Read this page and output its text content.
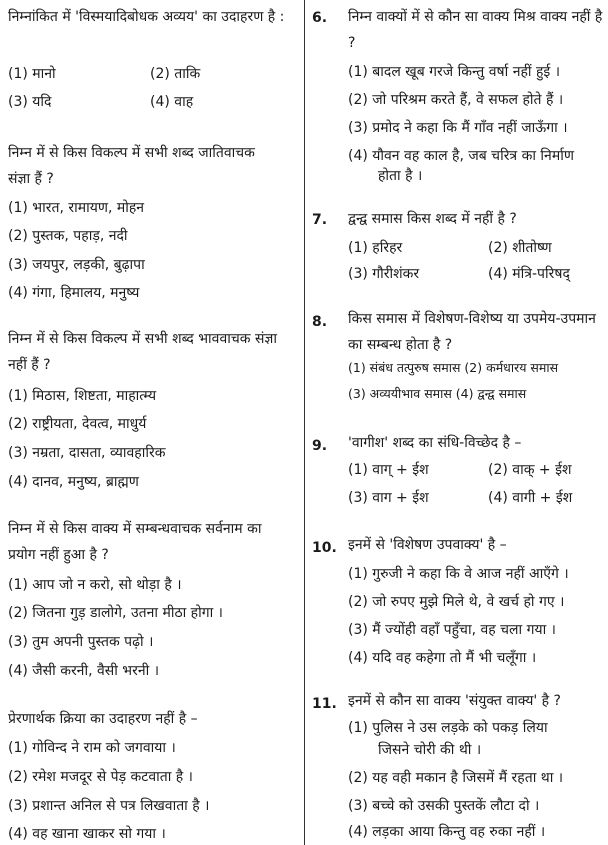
निम्नांकित में 'विस्मयादिबोधक अव्यय' का उदाहरण है :
(1) मानो	(2) ताकि
(3) यदि	(4) वाह
निम्न में से किस विकल्प में सभी शब्द जातिवाचक संज्ञा हैं ?
(1) भारत, रामायण, मोहन
(2) पुस्तक, पहाड़, नदी
(3) जयपुर, लड़की, बुढ़ापा
(4) गंगा, हिमालय, मनुष्य
निम्न में से किस विकल्प में सभी शब्द भाववाचक संज्ञा नहीं हैं ?
(1) मिठास, शिष्टता, माहात्म्य
(2) राष्ट्रीयता, देवत्व, माधुर्य
(3) नम्रता, दासता, व्यावहारिक
(4) दानव, मनुष्य, ब्राह्मण
निम्न में से किस वाक्य में सम्बन्धवाचक सर्वनाम का प्रयोग नहीं हुआ है ?
(1) आप जो न करो, सो थोड़ा है ।
(2) जितना गुड़ डालोगे, उतना मीठा होगा ।
(3) तुम अपनी पुस्तक पढ़ो ।
(4) जैसी करनी, वैसी भरनी ।
प्रेरणार्थक क्रिया का उदाहरण नहीं है –
(1) गोविन्द ने राम को जगवाया ।
(2) रमेश मजदूर से पेड़ कटवाता है ।
(3) प्रशान्त अनिल से पत्र लिखवाता है ।
(4) वह खाना खाकर सो गया ।
6. निम्न वाक्यों में से कौन सा वाक्य मिश्र वाक्य नहीं है ?
(1) बादल खूब गरजे किन्तु वर्षा नहीं हुई ।
(2) जो परिश्रम करते हैं, वे सफल होते हैं ।
(3) प्रमोद ने कहा कि मैं गाँव नहीं जाऊँगा ।
(4) यौवन वह काल है, जब चरित्र का निर्माण
होता है ।
7. द्वन्द्व समास किस शब्द में नहीं है ?
(1) हरिहर	(2) शीतोष्ण
(3) गौरीशंकर	(4) मंत्रि-परिषद्
8. किस समास में विशेषण-विशेष्य या उपमेय-उपमान का सम्बन्ध होता है ?
(1) संबंध तत्पुरुष समास (2) कर्मधारय समास
(3) अव्ययीभाव समास (4) द्वन्द्व समास
9. 'वागीश' शब्द का संधि-विच्छेद है –
(1) वाग् + ईश	(2) वाक् + ईश
(3) वाग + ईश	(4) वागी + ईश
10. इनमें से 'विशेषण उपवाक्य' है –
(1) गुरुजी ने कहा कि वे आज नहीं आएँगे ।
(2) जो रुपए मुझे मिले थे, वे खर्च हो गए ।
(3) मैं ज्योंही वहाँ पहुँचा, वह चला गया ।
(4) यदि वह कहेगा तो मैं भी चलूँगा ।
11. इनमें से कौन सा वाक्य 'संयुक्त वाक्य' है ?
(1) पुलिस ने उस लड़के को पकड़ लिया
जिसने चोरी की थी ।
(2) यह वही मकान है जिसमें मैं रहता था ।
(3) बच्चे को उसकी पुस्तकें लौटा दो ।
(4) लड़का आया किन्तु वह रुका नहीं ।
